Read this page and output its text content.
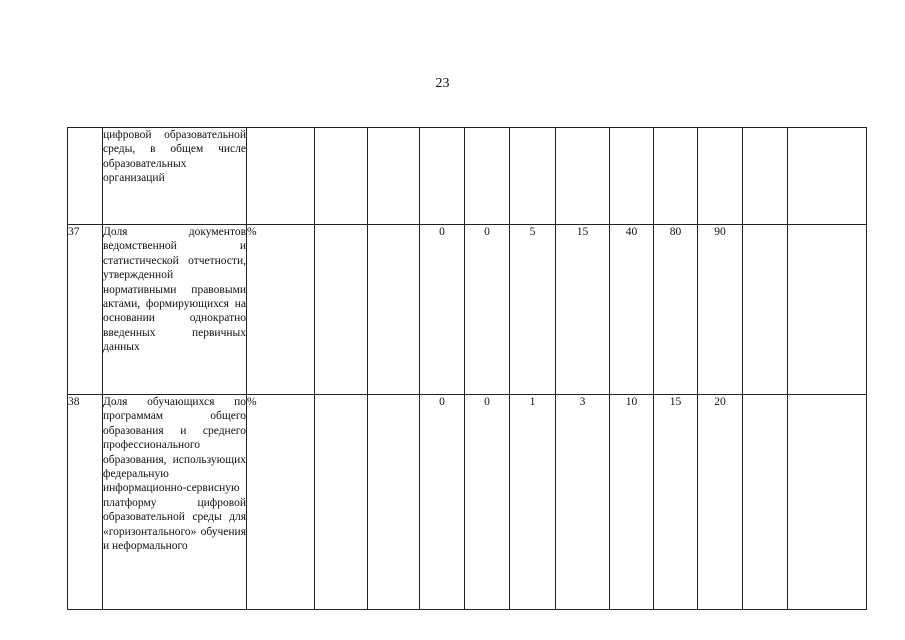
23
	цифровой образовательной среды, в общем числе образовательных организаций												
37	Доля документов ведомственной и статистической отчетности, утвержденной нормативными правовыми актами, формирующихся на основании однократно введенных первичных данных	%			0	0	5	15	40	80	90		
38	Доля обучающихся по программам общего образования и среднего профессионального образования, использующих федеральную информационно-сервисную платформу цифровой образовательной среды для «горизонтального» обучения и неформального	%			0	0	1	3	10	15	20		
